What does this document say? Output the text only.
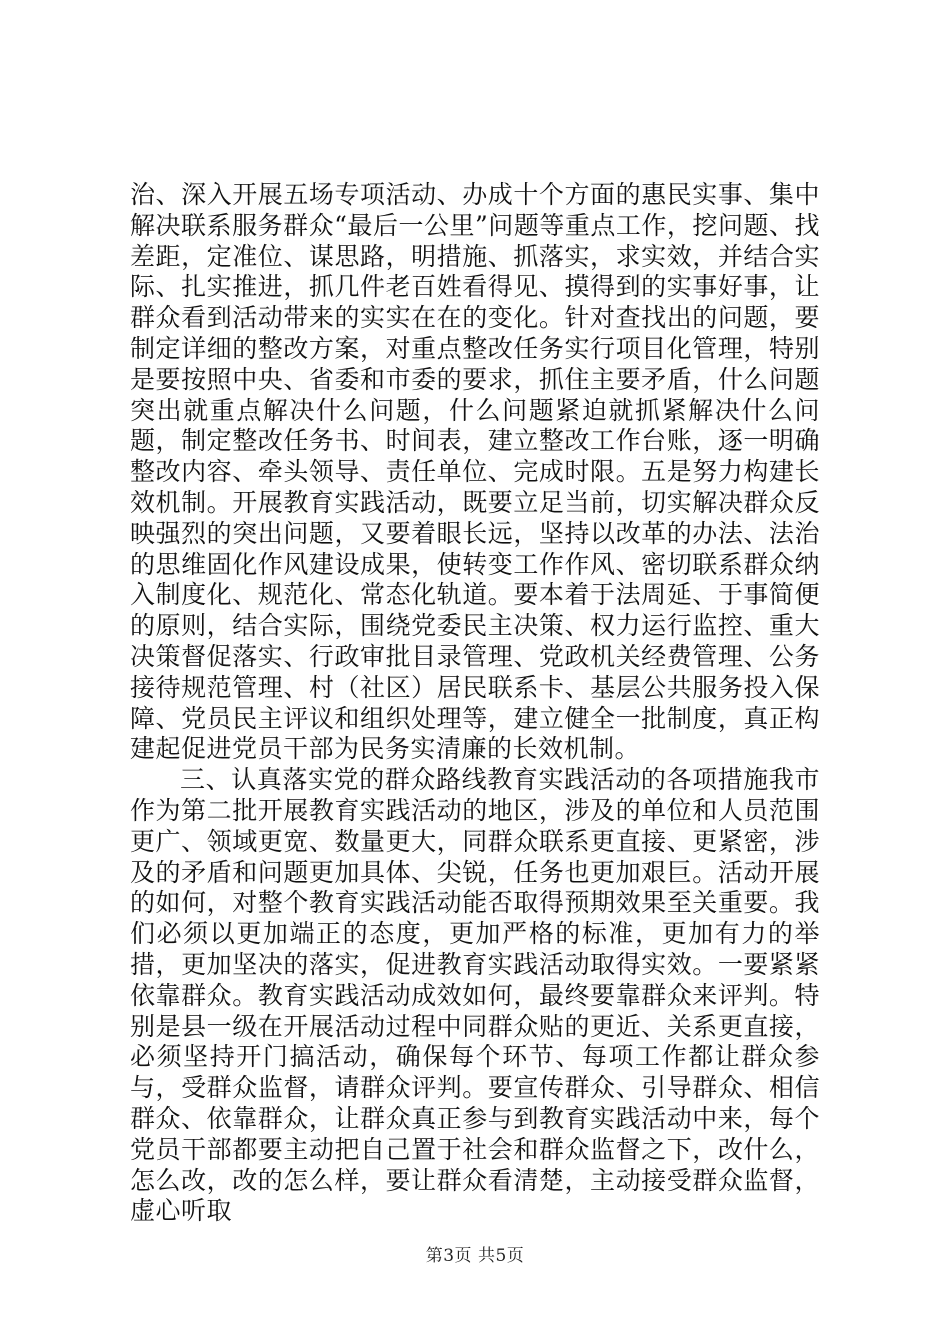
治、深入开展五场专项活动、办成十个方面的惠民实事、集中解决联系服务群众“最后一公里”问题等重点工作，挖问题、找差距，定准位、谋思路，明措施、抓落实，求实效，并结合实际、扎实推进，抓几件老百姓看得见、摸得到的实事好事，让群众看到活动带来的实实在在的变化。针对查找出的问题，要制定详细的整改方案，对重点整改任务实行项目化管理，特别是要按照中央、省委和市委的要求，抓住主要矛盾，什么问题突出就重点解决什么问题，什么问题紧迫就抓紧解决什么问题，制定整改任务书、时间表，建立整改工作台账，逐一明确整改内容、牵头领导、责任单位、完成时限。五是努力构建长效机制。开展教育实践活动，既要立足当前，切实解决群众反映强烈的突出问题，又要着眼长远，坚持以改革的办法、法治的思维固化作风建设成果，使转变工作作风、密切联系群众纳入制度化、规范化、常态化轨道。要本着于法周延、于事简便的原则，结合实际，围绕党委民主决策、权力运行监控、重大决策督促落实、行政审批目录管理、党政机关经费管理、公务接待规范管理、村（社区）居民联系卡、基层公共服务投入保障、党员民主评议和组织处理等，建立健全一批制度，真正构建起促进党员干部为民务实清廉的长效机制。

三、认真落实党的群众路线教育实践活动的各项措施我市作为第二批开展教育实践活动的地区，涉及的单位和人员范围更广、领域更宽、数量更大，同群众联系更直接、更紧密，涉及的矛盾和问题更加具体、尖锐，任务也更加艰巨。活动开展的如何，对整个教育实践活动能否取得预期效果至关重要。我们必须以更加端正的态度，更加严格的标准，更加有力的举措，更加坚决的落实，促进教育实践活动取得实效。一要紧紧依靠群众。教育实践活动成效如何，最终要靠群众来评判。特别是县一级在开展活动过程中同群众贴的更近、关系更直接，必须坚持开门搞活动，确保每个环节、每项工作都让群众参与，受群众监督，请群众评判。要宣传群众、引导群众、相信群众、依靠群众，让群众真正参与到教育实践活动中来，每个党员干部都要主动把自己置于社会和群众监督之下，改什么，怎么改，改的怎么样，要让群众看清楚，主动接受群众监督，虚心听取

第3页 共5页
